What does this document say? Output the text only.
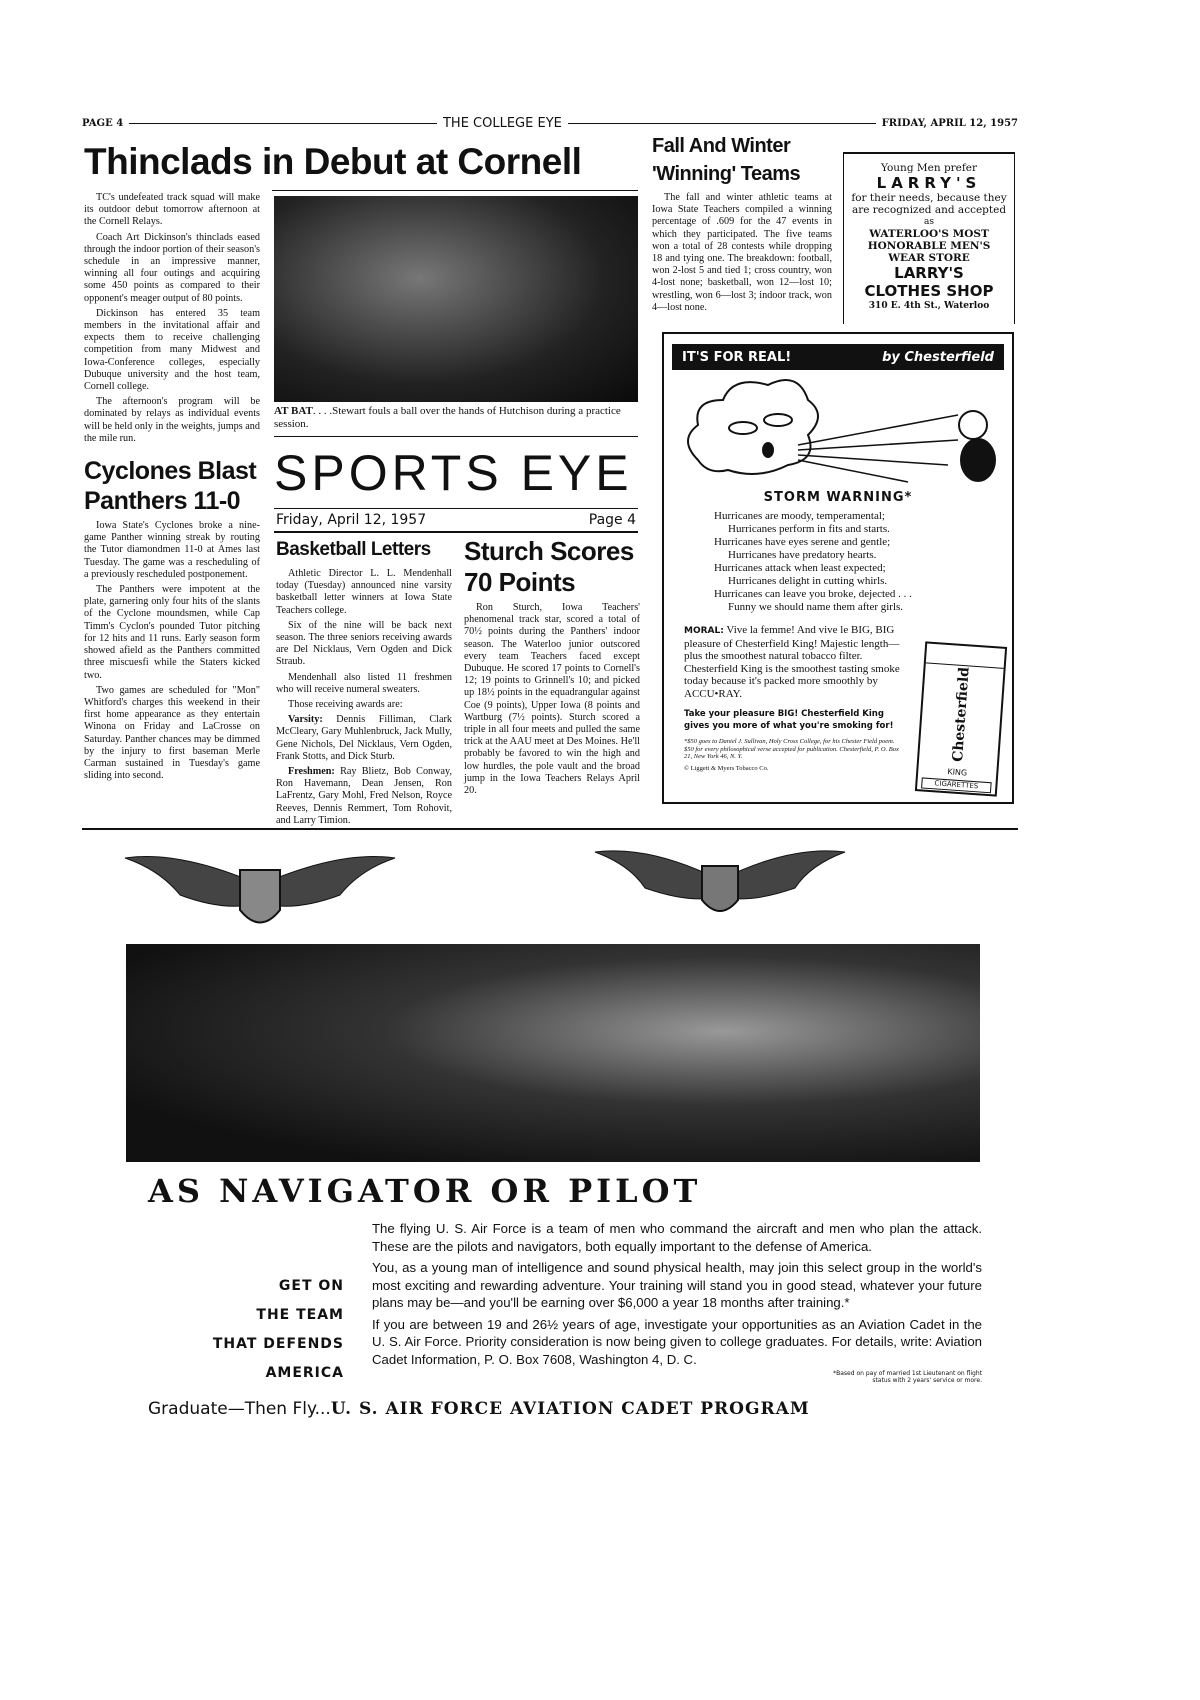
PAGE 4	THE COLLEGE EYE	FRIDAY, APRIL 12, 1957
Thinclads in Debut at Cornell

TC's undefeated track squad will make its outdoor debut tomorrow afternoon at the Cornell Relays.

Coach Art Dickinson's thinclads eased through the indoor portion of their season's schedule in an impressive manner, winning all four outings and acquiring some 450 points as compared to their opponent's meager output of 80 points.

Dickinson has entered 35 team members in the invitational affair and expects them to receive challenging competition from many Midwest and Iowa-Conference colleges, especially Dubuque university and the host team, Cornell college.

The afternoon's program will be dominated by relays as individual events will be held only in the weights, jumps and the mile run.

Cyclones Blast Panthers 11-0

Iowa State's Cyclones broke a nine-game Panther winning streak by routing the Tutor diamondmen 11-0 at Ames last Tuesday. The game was a rescheduling of a previously rescheduled postponement.

The Panthers were impotent at the plate, garnering only four hits of the slants of the Cyclone moundsmen, while Cap Timm's Cyclon's pounded Tutor pitching for 12 hits and 11 runs. Early season form showed afield as the Panthers committed three miscuesfi while the Staters kicked two.

Two games are scheduled for "Mon" Whitford's charges this weekend in their first home appearance as they entertain Winona on Friday and LaCrosse on Saturday. Panther chances may be dimmed by the injury to first baseman Merle Carman sustained in Tuesday's game sliding into second.

AT BAT. . . .Stewart fouls a ball over the hands of Hutchison during a practice session.
SPORTS EYE
Friday, April 12, 1957	Page 4
Basketball Letters

Athletic Director L. L. Mendenhall today (Tuesday) announced nine varsity basketball letter winners at Iowa State Teachers college.

Six of the nine will be back next season. The three seniors receiving awards are Del Nicklaus, Vern Ogden and Dick Straub.

Mendenhall also listed 11 freshmen who will receive numeral sweaters.

Those receiving awards are:

Varsity: Dennis Filliman, Clark McCleary, Gary Muhlenbruck, Jack Mully, Gene Nichols, Del Nicklaus, Vern Ogden, Frank Stotts, and Dick Sturb.

Freshmen: Ray Blietz, Bob Conway, Ron Havemann, Dean Jensen, Ron LaFrentz, Gary Mohl, Fred Nelson, Royce Reeves, Dennis Remmert, Tom Rohovit, and Larry Timion.

Sturch Scores 70 Points

Ron Sturch, Iowa Teachers' phenomenal track star, scored a total of 70½ points during the Panthers' indoor season. The Waterloo junior outscored every team Teachers faced except Dubuque. He scored 17 points to Cornell's 12; 19 points to Grinnell's 10; and picked up 18½ points in the equadrangular against Coe (9 points), Upper Iowa (8 points and Wartburg (7½ points). Sturch scored a triple in all four meets and pulled the same trick at the AAU meet at Des Moines. He'll probably be favored to win the high and low hurdles, the pole vault and the broad jump in the Iowa Teachers Relays April 20.

Fall And Winter 'Winning' Teams

The fall and winter athletic teams at Iowa State Teachers compiled a winning percentage of .609 for the 47 events in which they participated. The five teams won a total of 28 contests while dropping 18 and tying one. The breakdown: football, won 2-lost 5 and tied 1; cross country, won 4-lost none; basketball, won 12—lost 10; wrestling, won 6—lost 3; indoor track, won 4—lost none.

Young Men prefer
LARRY'S
for their needs, because they are recognized and accepted
as
WATERLOO'S MOST HONORABLE MEN'S WEAR STORE
LARRY'S
CLOTHES SHOP
310 E. 4th St., Waterloo
IT'S FOR REAL!	by Chesterfield
STORM WARNING*
Hurricanes are moody, temperamental;
Hurricanes perform in fits and starts.
Hurricanes have eyes serene and gentle;
Hurricanes have predatory hearts.
Hurricanes attack when least expected;
Hurricanes delight in cutting whirls.
Hurricanes can leave you broke, dejected . . .
Funny we should name them after girls.
MORAL: Vive la femme! And vive le BIG, BIG pleasure of Chesterfield King! Majestic length—plus the smoothest natural tobacco filter. Chesterfield King is the smoothest tasting smoke today because it's packed more smoothly by ACCU•RAY.
Take your pleasure BIG! Chesterfield King gives you more of what you're smoking for!
*$50 goes to Daniel J. Sullivan, Holy Cross College, for his Chester Field poem.
$50 for every philosophical verse accepted for publication. Chesterfield, P. O. Box 21, New York 46, N. Y.
© Liggett & Myers Tobacco Co.
Chesterfield
KING
CIGARETTES
AS NAVIGATOR OR PILOT
GET ON
THE TEAM
THAT DEFENDS
AMERICA

The flying U. S. Air Force is a team of men who command the aircraft and men who plan the attack. These are the pilots and navigators, both equally important to the defense of America.

You, as a young man of intelligence and sound physical health, may join this select group in the world's most exciting and rewarding adventure. Your training will stand you in good stead, whatever your future plans may be—and you'll be earning over $6,000 a year 18 months after training.*

If you are between 19 and 26½ years of age, investigate your opportunities as an Aviation Cadet in the U. S. Air Force. Priority consideration is now being given to college graduates. For details, write: Aviation Cadet Information, P. O. Box 7608, Washington 4, D. C.

*Based on pay of married 1st Lieutenant on flight status with 2 years' service or more.
Graduate—Then Fly...U. S. AIR FORCE AVIATION CADET PROGRAM
